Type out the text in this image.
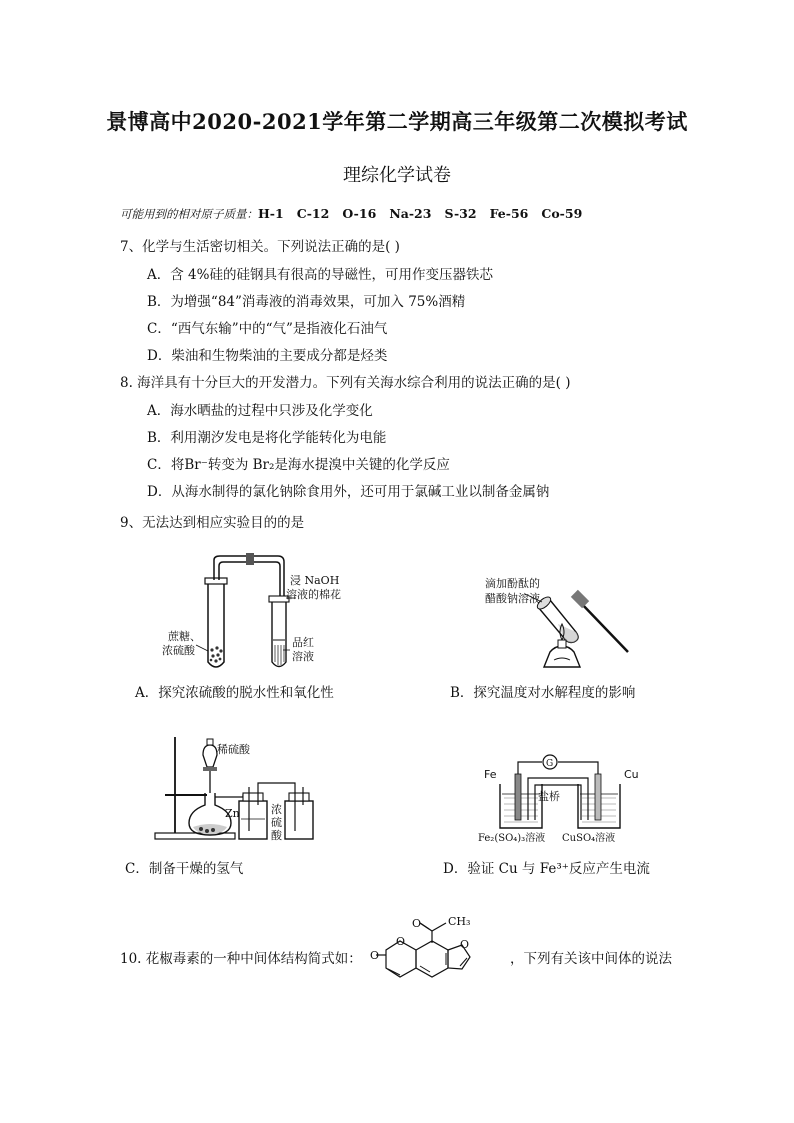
景博高中2020-2021学年第二学期高三年级第二次模拟考试
理综化学试卷
可能用到的相对原子质量：H-1   C-12   O-16   Na-23   S-32   Fe-56   Co-59
7、化学与生活密切相关。下列说法正确的是( )
A．含 4%硅的硅钢具有很高的导磁性，可用作变压器铁芯
B．为增强“84”消毒液的消毒效果，可加入 75%酒精
C．“西气东输”中的“气”是指液化石油气
D．柴油和生物柴油的主要成分都是烃类
8. 海洋具有十分巨大的开发潜力。下列有关海水综合利用的说法正确的是( )
A．海水晒盐的过程中只涉及化学变化
B．利用潮汐发电是将化学能转化为电能
C．将Br⁻转变为 Br₂是海水提溴中关键的化学反应
D．从海水制得的氯化钠除食用外，还可用于氯碱工业以制备金属钠
9、无法达到相应实验目的的是
浸 NaOH
溶液的棉花
蔗糖、
浓硫酸
品红
溶液
A．探究浓硫酸的脱水性和氧化性
滴加酚酞的
醋酸钠溶液
B．探究温度对水解程度的影响
稀硫酸
Zn	浓
硫
酸
C．制备干燥的氢气
G
Fe	Cu
盐桥
Fe₂(SO₄)₃溶液 CuSO₄溶液
D．验证 Cu 与 Fe³⁺反应产生电流
10. 花椒毒素的一种中间体结构简式如：
O CH₃
O
O	O
，下列有关该中间体的说法
